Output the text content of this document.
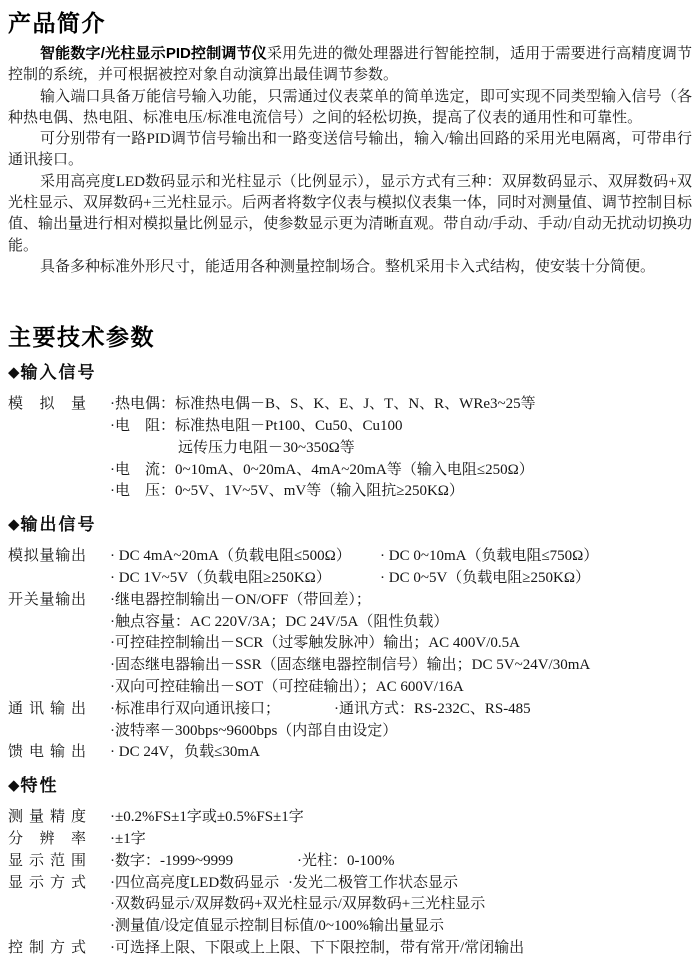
产品简介

智能数字/光柱显示PID控制调节仪采用先进的微处理器进行智能控制，适用于需要进行高精度调节控制的系统，并可根据被控对象自动演算出最佳调节参数。

输入端口具备万能信号输入功能，只需通过仪表菜单的简单选定，即可实现不同类型输入信号（各种热电偶、热电阻、标准电压/标准电流信号）之间的轻松切换，提高了仪表的通用性和可靠性。

可分别带有一路PID调节信号输出和一路变送信号输出，输入/输出回路的采用光电隔离，可带串行通讯接口。

采用高亮度LED数码显示和光柱显示（比例显示），显示方式有三种：双屏数码显示、双屏数码+双光柱显示、双屏数码+三光柱显示。后两者将数字仪表与模拟仪表集一体，同时对测量值、调节控制目标值、输出量进行相对模拟量比例显示，使参数显示更为清晰直观。带自动/手动、手动/自动无扰动切换功能。

具备多种标准外形尺寸，能适用各种测量控制场合。整机采用卡入式结构，使安装十分简便。

主要技术参数
◆输入信号
模 拟 量 ·热电偶：标准热电偶－B、S、K、E、J、T、N、R、WRe3~25等
·电　阻：标准热电阻－Pt100、Cu50、Cu100
远传压力电阻－30~350Ω等
·电　流：0~10mA、0~20mA、4mA~20mA等（输入电阻≤250Ω）
·电　压：0~5V、1V~5V、mV等（输入阻抗≥250KΩ）
◆输出信号
模 拟 量 输 出 · DC 4mA~20mA（负载电阻≤500Ω） · DC 0~10mA（负载电阻≤750Ω）
· DC 1V~5V（负载电阻≥250KΩ）	· DC 0~5V（负载电阻≥250KΩ）
开 关 量 输 出 ·继电器控制输出－ON/OFF（带回差）；
·触点容量：AC 220V/3A；DC 24V/5A（阻性负载）
·可控硅控制输出－SCR（过零触发脉冲）输出；AC 400V/0.5A
·固态继电器输出－SSR（固态继电器控制信号）输出；DC 5V~24V/30mA
·双向可控硅输出－SOT（可控硅输出）；AC 600V/16A
通 讯 输 出 ·标准串行双向通讯接口；	·通讯方式：RS-232C、RS-485
·波特率－300bps~9600bps（内部自由设定）
馈 电 输 出 · DC 24V，负载≤30mA
◆特性
测 量 精 度 ·±0.2%FS±1字或±0.5%FS±1字
分 辨 率 ·±1字
显 示 范 围 ·数字：-1999~9999	·光柱：0-100%
显 示 方 式 ·四位高亮度LED数码显示 ·发光二极管工作状态显示
·双数码显示/双屏数码+双光柱显示/双屏数码+三光柱显示
·测量值/设定值显示控制目标值/0~100%输出量显示
控 制 方 式 ·可选择上限、下限或上上限、下下限控制，带有常开/常闭输出
